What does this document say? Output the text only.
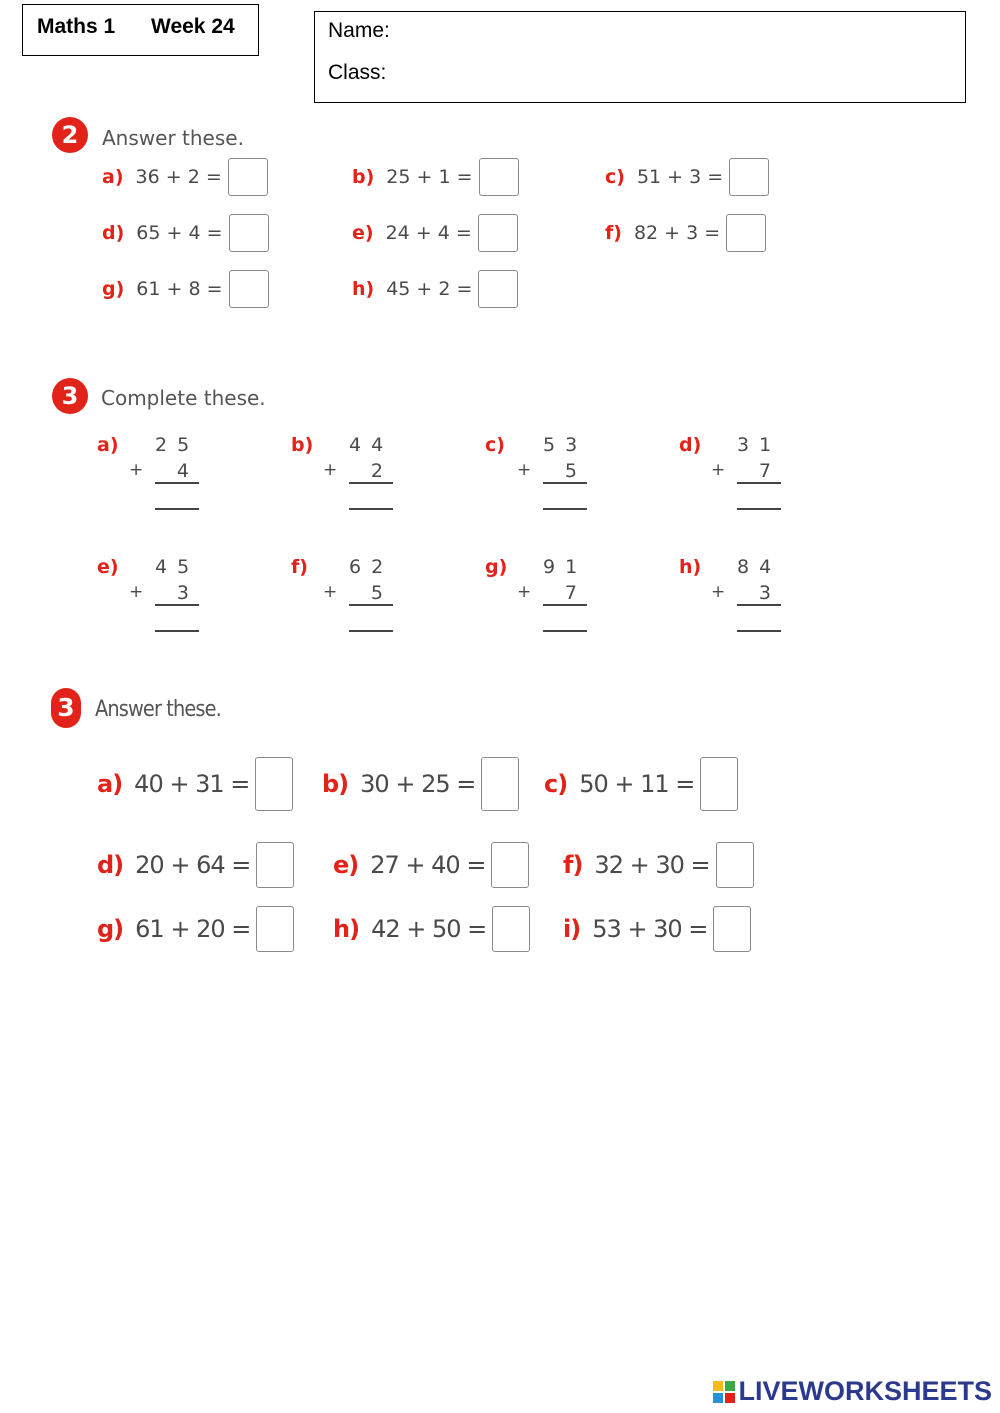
Maths 1 Week 24	Name:
Class:
2	Answer these.
a) 36 + 2 =	b) 25 + 1 =	c) 51 + 3 =
d) 65 + 4 =	e) 24 + 4 =	f) 82 + 3 =
g) 61 + 8 =	h) 45 + 2 =
3	Complete these.
a) 25
+	4
b) 44
+	2
c) 53
+	5
d) 31
+	7
e) 45
+	3
f) 62
+	5
g) 91
+	7
h) 84
+	3
3 Answer these.
a) 40 + 31 =	b) 30 + 25 =	c) 50 + 11 =
d) 20 + 64 =	e) 27 + 40 =	f) 32 + 30 =
g) 61 + 20 =	h) 42 + 50 =	i) 53 + 30 =
LIVEWORKSHEETS
